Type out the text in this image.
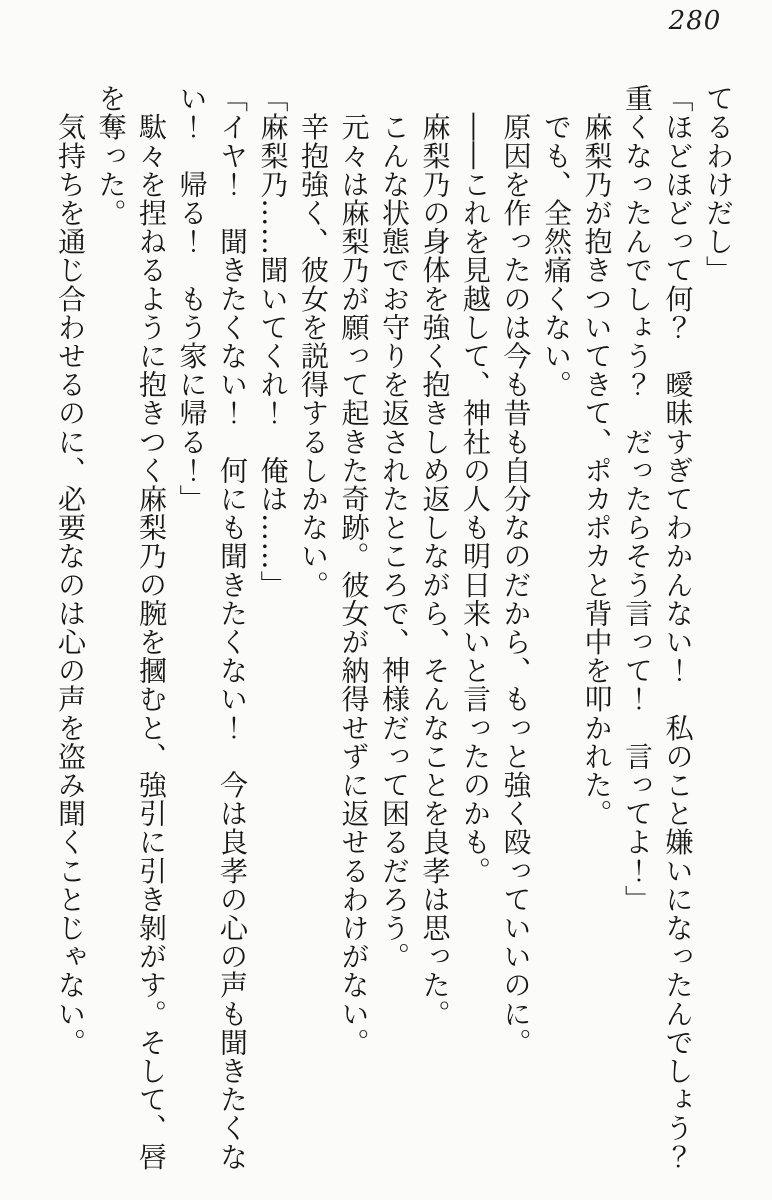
280

てるわけだし」

「ほどほどって何？　曖昧すぎてわかんない！　私のこと嫌いになったんでしょう？　重くなったんでしょう？　だったらそう言って！　言ってよ！」

　麻梨乃が抱きついてきて、ポカポカと背中を叩かれた。

　でも、全然痛くない。

　原因を作ったのは今も昔も自分なのだから、もっと強く殴っていいのに。

　――これを見越して、神社の人も明日来いと言ったのかも。

　麻梨乃の身体を強く抱きしめ返しながら、そんなことを良孝は思った。

　こんな状態でお守りを返されたところで、神様だって困るだろう。

　元々は麻梨乃が願って起きた奇跡。彼女が納得せずに返せるわけがない。

　辛抱強く、彼女を説得するしかない。

「麻梨乃……聞いてくれ！　俺は……」

「イヤ！　聞きたくない！　何にも聞きたくない！　今は良孝の心の声も聞きたくない！　帰る！　もう家に帰る！」

　駄々を捏ねるように抱きつく麻梨乃の腕を摑むと、強引に引き剝がす。そして、唇を奪った。

　気持ちを通じ合わせるのに、必要なのは心の声を盗み聞くことじゃない。
